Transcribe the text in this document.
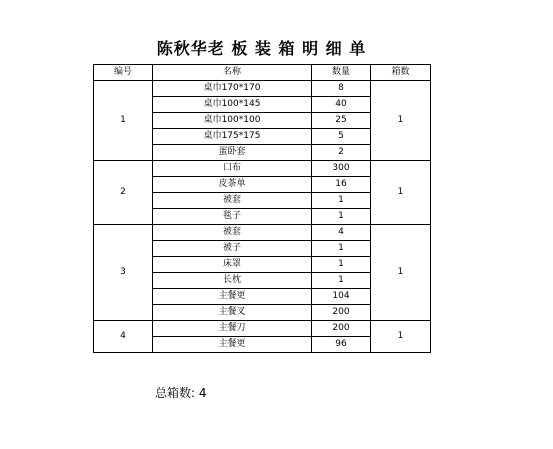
陈秋华老 板 装 箱 明 细 单
编号	名称	数量	箱数
1	桌巾170*170	8	1
	桌巾100*145	40	
	桌巾100*100	25	
	桌巾175*175	5	
	蛋卧套	2	
2	口布	300	1
	皮茶单	16	
	被套	1	
	毯子	1	
3	被套	4	1
	被子	1	
	床罩	1	
	长枕	1	
	主餐更	104	
	主餐叉	200	
4	主餐刀	200	1
	主餐更	96	
总箱数: 4
